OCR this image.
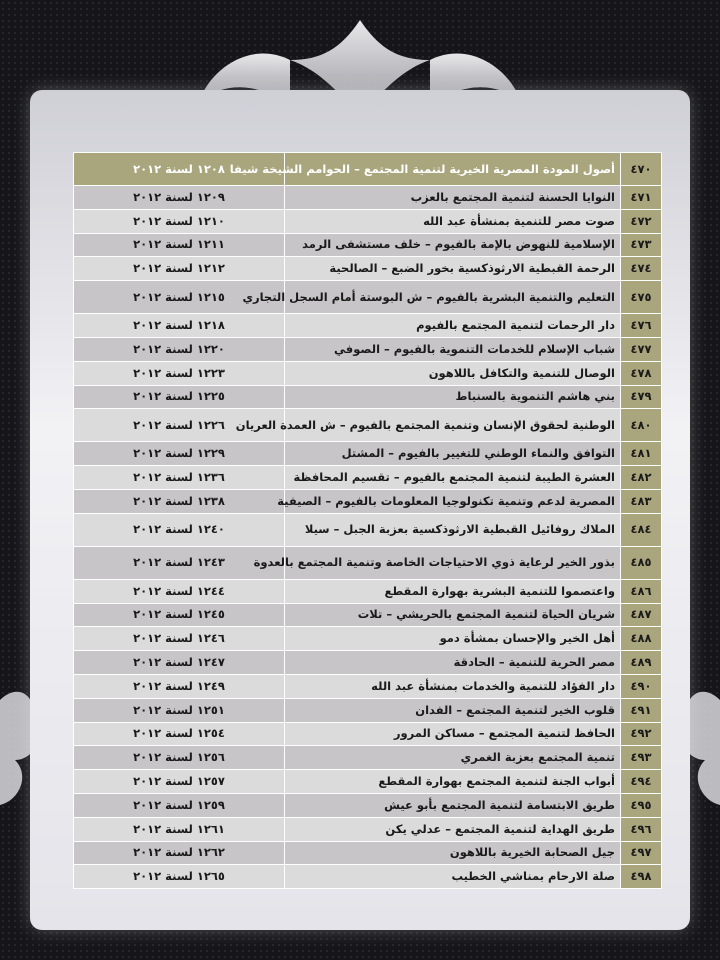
٤٧٠	أصول المودة المصرية الخيرية لتنمية المجتمع – الحوامم الشيخة شيفا	١٢٠٨ لسنة ٢٠١٢
٤٧١	النوايا الحسنة لتنمية المجتمع بالعزب	١٢٠٩ لسنة ٢٠١٢
٤٧٢	صوت مصر للتنمية بمنشأة عبد الله	١٢١٠ لسنة ٢٠١٢
٤٧٣	الإسلامية للنهوض بالإمة بالفيوم – خلف مستشفى الرمد	١٢١١ لسنة ٢٠١٢
٤٧٤	الرحمة القبطية الارثوذكسية بخور الضبع – الصالحية	١٢١٢ لسنة ٢٠١٢
٤٧٥	التعليم والتنمية البشرية بالفيوم – ش البوستة أمام السجل التجاري	١٢١٥ لسنة ٢٠١٢
٤٧٦	دار الرحمات لتنمية المجتمع بالفيوم	١٢١٨ لسنة ٢٠١٢
٤٧٧	شباب الإسلام للخدمات التنموية بالفيوم – الصوفي	١٢٢٠ لسنة ٢٠١٢
٤٧٨	الوصال للتنمية والتكافل باللاهون	١٢٢٣ لسنة ٢٠١٢
٤٧٩	بني هاشم التنموية بالسنباط	١٢٢٥ لسنة ٢٠١٢
٤٨٠	الوطنية لحقوق الإنسان وتنمية المجتمع بالفيوم – ش العمدة العريان	١٢٢٦ لسنة ٢٠١٢
٤٨١	التوافق والنماء الوطني للتغيير بالفيوم – المشتل	١٢٢٩ لسنة ٢٠١٢
٤٨٢	العشرة الطيبة لتنمية المجتمع بالفيوم – تقسيم المحافظة	١٢٣٦ لسنة ٢٠١٢
٤٨٣	المصرية لدعم وتنمية تكنولوجيا المعلومات بالفيوم – الصيفية	١٢٣٨ لسنة ٢٠١٢
٤٨٤	الملاك روفائيل القبطية الارثوذكسية بعزبة الجبل – سيلا	١٢٤٠ لسنة ٢٠١٢
٤٨٥	بذور الخير لرعاية ذوي الاحتياجات الخاصة وتنمية المجتمع بالعدوة	١٢٤٣ لسنة ٢٠١٢
٤٨٦	واعتصموا للتنمية البشرية بهوارة المقطع	١٢٤٤ لسنة ٢٠١٢
٤٨٧	شريان الحياة لتنمية المجتمع بالحريشي – تلات	١٢٤٥ لسنة ٢٠١٢
٤٨٨	أهل الخير والإحسان بمشأة دمو	١٢٤٦ لسنة ٢٠١٢
٤٨٩	مصر الحرية للتنمية – الحادقة	١٢٤٧ لسنة ٢٠١٢
٤٩٠	دار الفؤاد للتنمية والخدمات بمنشأة عبد الله	١٢٤٩ لسنة ٢٠١٢
٤٩١	قلوب الخير لتنمية المجتمع – الفدان	١٢٥١ لسنة ٢٠١٢
٤٩٢	الحافظ لتنمية المجتمع – مساكن المرور	١٢٥٤ لسنة ٢٠١٢
٤٩٣	تنمية المجتمع بعزبة الغمري	١٢٥٦ لسنة ٢٠١٢
٤٩٤	أبواب الجنة لتنمية المجتمع بهوارة المقطع	١٢٥٧ لسنة ٢٠١٢
٤٩٥	طريق الابتسامة لتنمية المجتمع بأبو عيش	١٢٥٩ لسنة ٢٠١٢
٤٩٦	طريق الهداية لتنمية المجتمع – عدلي يكن	١٢٦١ لسنة ٢٠١٢
٤٩٧	جيل الصحابة الخيرية باللاهون	١٢٦٢ لسنة ٢٠١٢
٤٩٨	صلة الارحام بمناشي الخطيب	١٢٦٥ لسنة ٢٠١٢
